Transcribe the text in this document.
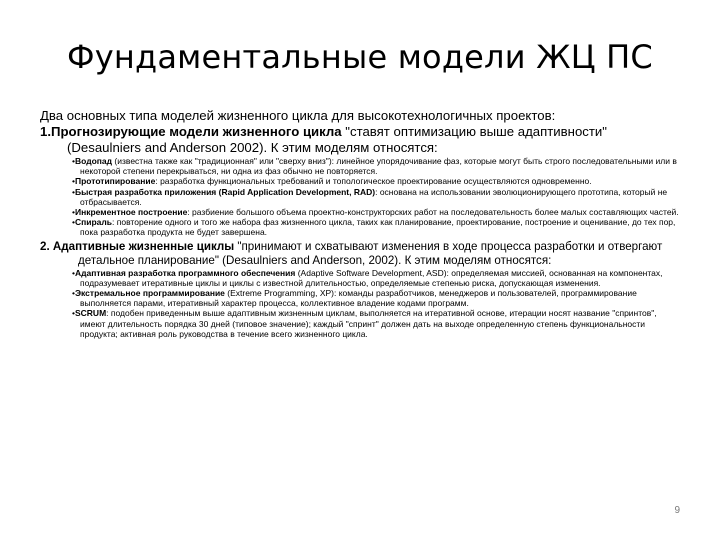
Фундаментальные модели ЖЦ ПС

Два основных типа моделей жизненного цикла для высокотехнологичных проектов:

1.Прогнозирующие модели жизненного цикла "ставят оптимизацию выше адаптивности" (Desaulniers and Anderson 2002). К этим моделям относятся:

•Водопад (известна также как "традиционная" или "сверху вниз"): линейное упорядочивание фаз, которые могут быть строго последовательными или в некоторой степени перекрываться, ни одна из фаз обычно не повторяется.
•Прототипирование: разработка функциональных требований и топологическое проектирование осуществляются одновременно.
•Быстрая разработка приложения (Rapid Application Development, RAD): основана на использовании эволюционирующего прототипа, который не отбрасывается.
•Инкрементное построение: разбиение большого объема проектно-конструкторских работ на последовательность более малых составляющих частей.
•Спираль: повторение одного и того же набора фаз жизненного цикла, таких как планирование, проектирование, построение и оценивание, до тех пор, пока разработка продукта не будет завершена.

2. Адаптивные жизненные циклы "принимают и схватывают изменения в ходе процесса разработки и отвергают детальное планирование" (Desaulniers and Anderson, 2002). К этим моделям относятся:

•Адаптивная разработка программного обеспечения (Adaptive Software Development, ASD): определяемая миссией, основанная на компонентах, подразумевает итеративные циклы и циклы с известной длительностью, определяемые степенью риска, допускающая изменения.
•Экстремальное программирование (Extreme Programming, XP): команды разработчиков, менеджеров и пользователей, программирование выполняется парами, итеративный характер процесса, коллективное владение кодами программ.
•SCRUM: подобен приведенным выше адаптивным жизненным циклам, выполняется на итеративной основе, итерации носят название "спринтов", имеют длительность порядка 30 дней (типовое значение); каждый "спринт" должен дать на выходе определенную степень функциональности продукта; активная роль руководства в течение всего жизненного цикла.
9
